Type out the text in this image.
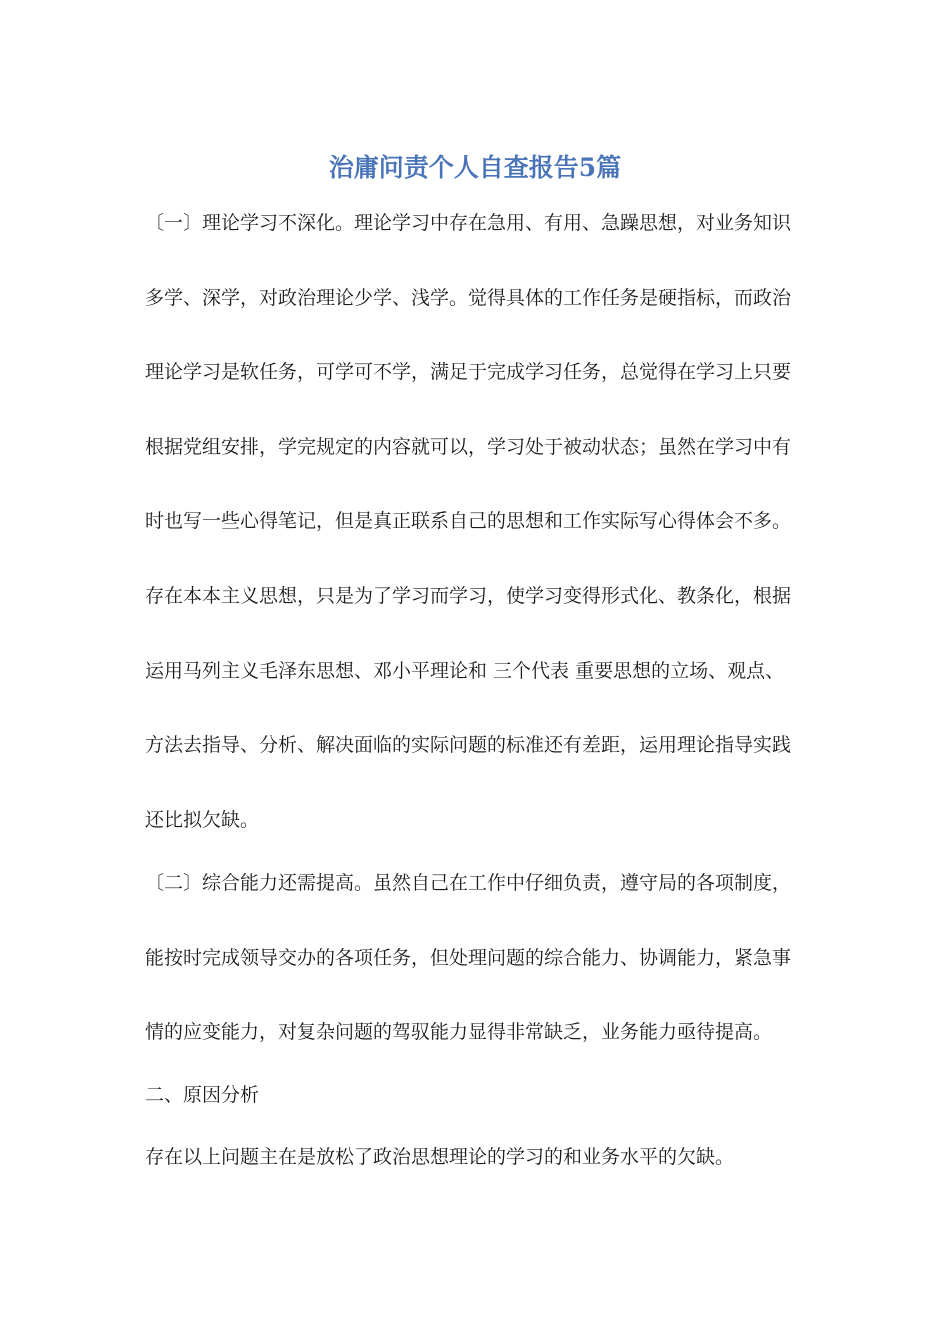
治庸问责个人自查报告5篇
〔一〕理论学习不深化。理论学习中存在急用、有用、急躁思想，对业务知识
多学、深学，对政治理论少学、浅学。觉得具体的工作任务是硬指标，而政治
理论学习是软任务，可学可不学，满足于完成学习任务，总觉得在学习上只要
根据党组安排，学完规定的内容就可以，学习处于被动状态；虽然在学习中有
时也写一些心得笔记，但是真正联系自己的思想和工作实际写心得体会不多。
存在本本主义思想，只是为了学习而学习，使学习变得形式化、教条化，根据
运用马列主义毛泽东思想、邓小平理论和 三个代表 重要思想的立场、观点、
方法去指导、分析、解决面临的实际问题的标准还有差距，运用理论指导实践
还比拟欠缺。
〔二〕综合能力还需提高。虽然自己在工作中仔细负责，遵守局的各项制度，
能按时完成领导交办的各项任务，但处理问题的综合能力、协调能力，紧急事
情的应变能力，对复杂问题的驾驭能力显得非常缺乏，业务能力亟待提高。
二、原因分析
存在以上问题主在是放松了政治思想理论的学习的和业务水平的欠缺。
